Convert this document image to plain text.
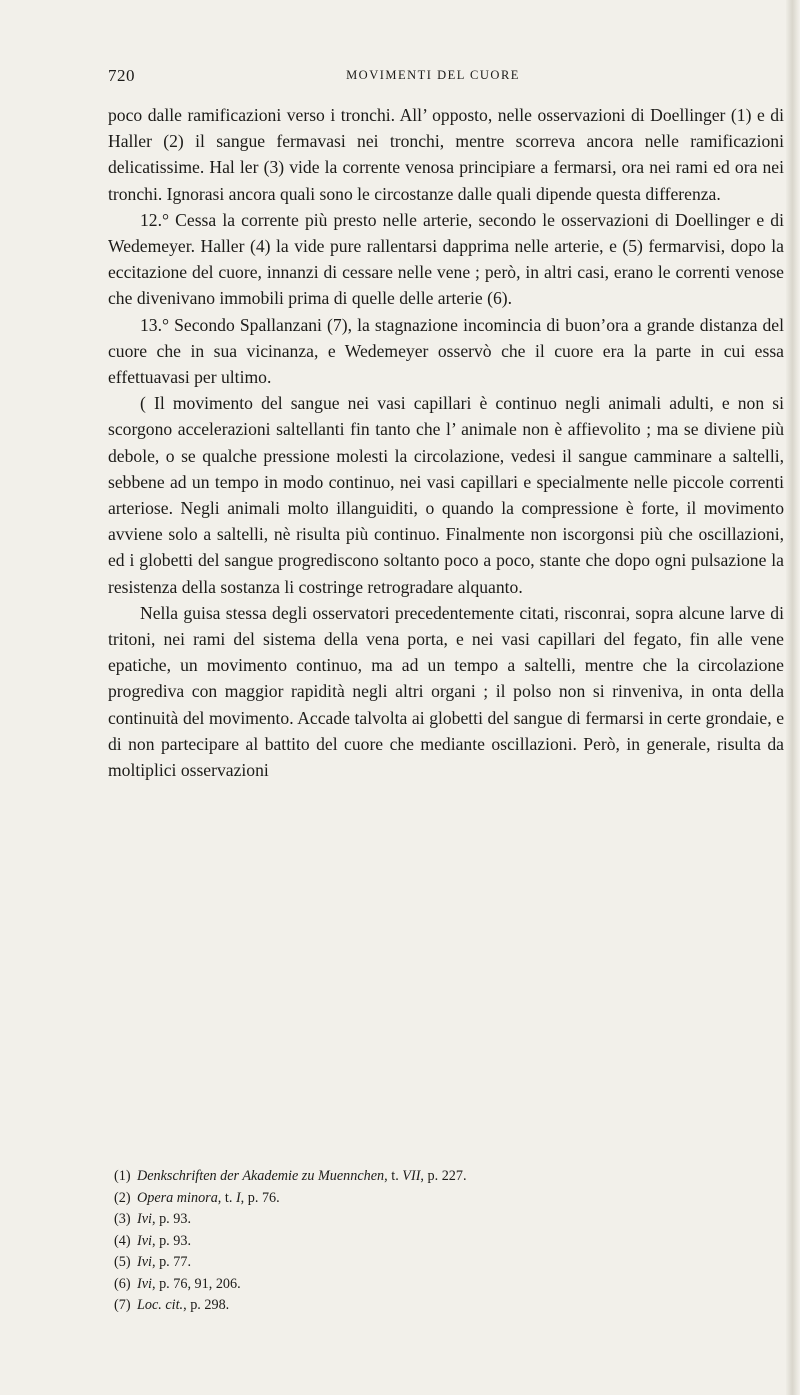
720	MOVIMENTI DEL CUORE

poco dalle ramificazioni verso i tronchi. All’ opposto, nelle osservazioni di Doellinger (1) e di Haller (2) il sangue fermavasi nei tronchi, mentre scorreva ancora nelle ramificazioni delicatissime. Hal ler (3) vide la corrente venosa principiare a fermarsi, ora nei rami ed ora nei tronchi. Ignorasi ancora quali sono le circostanze dalle quali dipende questa differenza.

12.° Cessa la corrente più presto nelle arterie, secondo le osservazioni di Doellinger e di Wedemeyer. Haller (4) la vide pure rallentarsi dapprima nelle arterie, e (5) fermarvisi, dopo la eccitazione del cuore, innanzi di cessare nelle vene ; però, in altri casi, erano le correnti venose che divenivano immobili prima di quelle delle arterie (6).

13.° Secondo Spallanzani (7), la stagnazione incomincia di buon’ora a grande distanza del cuore che in sua vicinanza, e Wedemeyer osservò che il cuore era la parte in cui essa effettuavasi per ultimo.

( Il movimento del sangue nei vasi capillari è continuo negli animali adulti, e non si scorgono accelerazioni saltellanti fin tanto che l’ animale non è affievolito ; ma se diviene più debole, o se qualche pressione molesti la circolazione, vedesi il sangue camminare a saltelli, sebbene ad un tempo in modo continuo, nei vasi capillari e specialmente nelle piccole correnti arteriose. Negli animali molto illanguiditi, o quando la compressione è forte, il movimento avviene solo a saltelli, nè risulta più continuo. Finalmente non iscorgonsi più che oscillazioni, ed i globetti del sangue progrediscono soltanto poco a poco, stante che dopo ogni pulsazione la resistenza della sostanza li costringe retrogradare alquanto.

Nella guisa stessa degli osservatori precedentemente citati, risconrai, sopra alcune larve di tritoni, nei rami del sistema della vena porta, e nei vasi capillari del fegato, fin alle vene epatiche, un movimento continuo, ma ad un tempo a saltelli, mentre che la circolazione progrediva con maggior rapidità negli altri organi ; il polso non si rinveniva, in onta della continuità del movimento. Accade talvolta ai globetti del sangue di fermarsi in certe grondaie, e di non partecipare al battito del cuore che mediante oscillazioni. Però, in generale, risulta da moltiplici osservazioni

(1) Denkschriften der Akademie zu Muennchen, t. VII, p. 227.
(2) Opera minora, t. I, p. 76.
(3) Ivi, p. 93.
(4) Ivi, p. 93.
(5) Ivi, p. 77.
(6) Ivi, p. 76, 91, 206.
(7) Loc. cit., p. 298.
